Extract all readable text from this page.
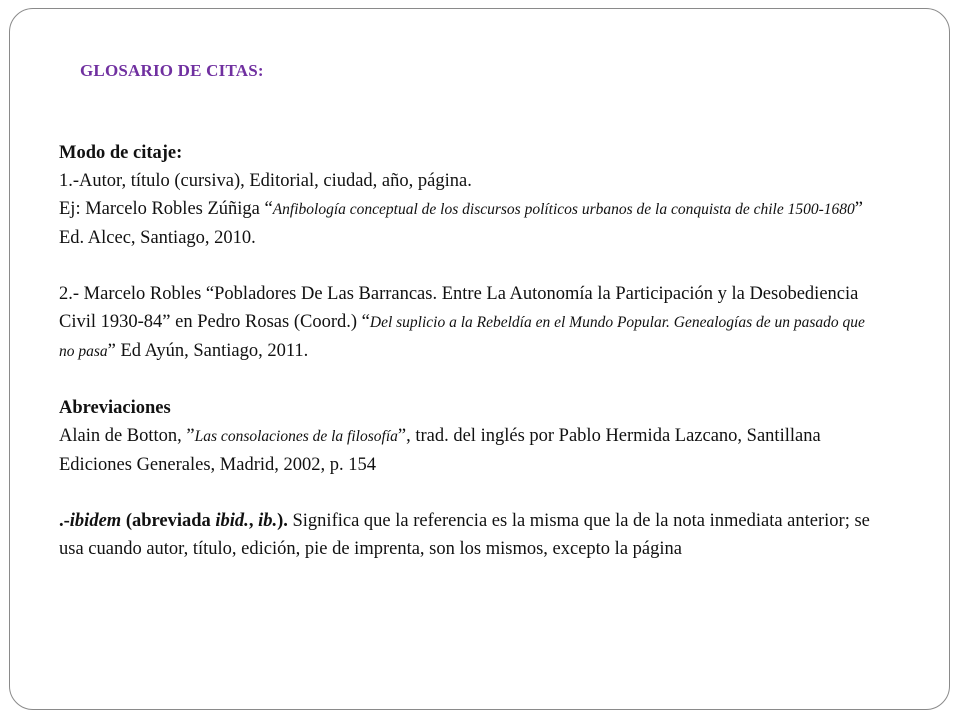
GLOSARIO DE CITAS:

Modo de citaje:

1.-Autor, título (cursiva), Editorial, ciudad, año, página.

Ej: Marcelo Robles Zúñiga “Anfibología conceptual de los discursos políticos urbanos de la conquista de chile 1500-1680” Ed. Alcec, Santiago, 2010.

2.- Marcelo Robles “Pobladores De Las Barrancas. Entre La Autonomía la Participación y la Desobediencia Civil 1930-84” en Pedro Rosas (Coord.) “Del suplicio a la Rebeldía en el Mundo Popular. Genealogías de un pasado que no pasa” Ed Ayún, Santiago, 2011.

Abreviaciones

Alain de Botton, ”Las consolaciones de la filosofía”, trad. del inglés por Pablo Hermida Lazcano, Santillana Ediciones Generales, Madrid, 2002, p. 154

.-ibidem (abreviada ibid., ib.). Significa que la referencia es la misma que la de la nota inmediata anterior; se usa cuando autor, título, edición, pie de imprenta, son los mismos, excepto la página
